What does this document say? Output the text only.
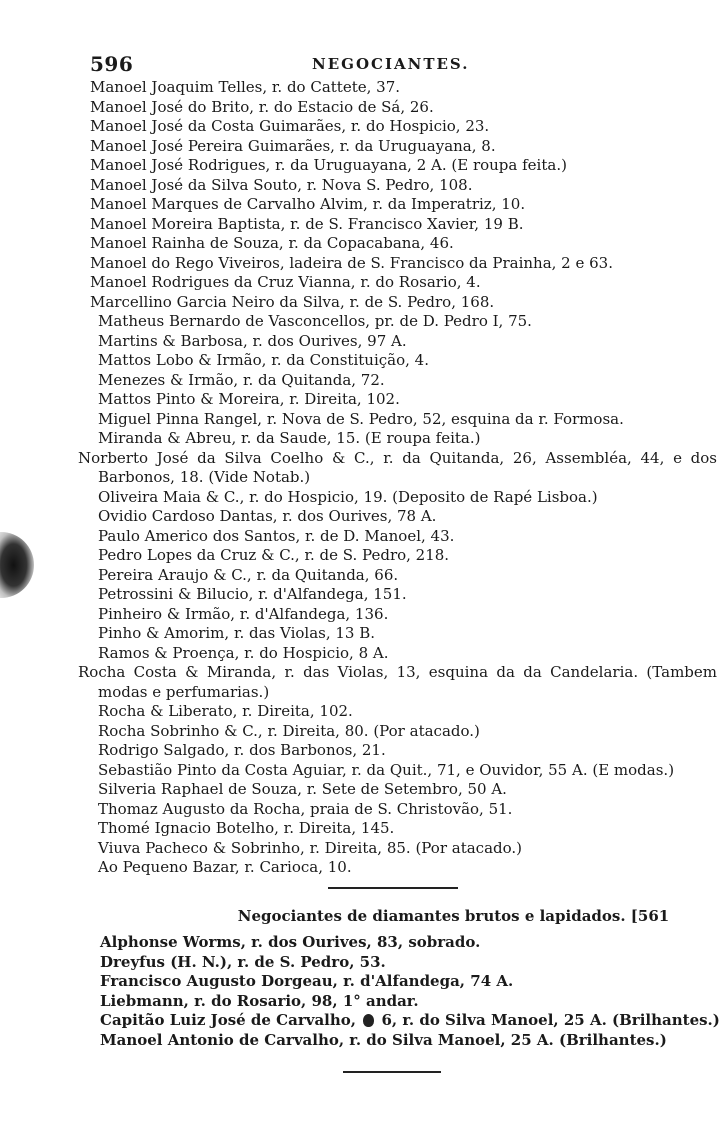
596	NEGOCIANTES.
Manoel Joaquim Telles, r. do Cattete, 37.
Manoel José do Brito, r. do Estacio de Sá, 26.
Manoel José da Costa Guimarães, r. do Hospicio, 23.
Manoel José Pereira Guimarães, r. da Uruguayana, 8.
Manoel José Rodrigues, r. da Uruguayana, 2 A. (E roupa feita.)
Manoel José da Silva Souto, r. Nova S. Pedro, 108.
Manoel Marques de Carvalho Alvim, r. da Imperatriz, 10.
Manoel Moreira Baptista, r. de S. Francisco Xavier, 19 B.
Manoel Rainha de Souza, r. da Copacabana, 46.
Manoel do Rego Viveiros, ladeira de S. Francisco da Prainha, 2 e 63.
Manoel Rodrigues da Cruz Vianna, r. do Rosario, 4.
Marcellino Garcia Neiro da Silva, r. de S. Pedro, 168.
Matheus Bernardo de Vasconcellos, pr. de D. Pedro I, 75.
Martins & Barbosa, r. dos Ourives, 97 A.
Mattos Lobo & Irmão, r. da Constituição, 4.
Menezes & Irmão, r. da Quitanda, 72.
Mattos Pinto & Moreira, r. Direita, 102.
Miguel Pinna Rangel, r. Nova de S. Pedro, 52, esquina da r. Formosa.
Miranda & Abreu, r. da Saude, 15. (E roupa feita.)
Norberto José da Silva Coelho & C., r. da Quitanda, 26, Assembléa, 44, e dos Barbonos, 18. (Vide Notab.)
Oliveira Maia & C., r. do Hospicio, 19. (Deposito de Rapé Lisboa.)
Ovidio Cardoso Dantas, r. dos Ourives, 78 A.
Paulo Americo dos Santos, r. de D. Manoel, 43.
Pedro Lopes da Cruz & C., r. de S. Pedro, 218.
Pereira Araujo & C., r. da Quitanda, 66.
Petrossini & Bilucio, r. d'Alfandega, 151.
Pinheiro & Irmão, r. d'Alfandega, 136.
Pinho & Amorim, r. das Violas, 13 B.
Ramos & Proença, r. do Hospicio, 8 A.
Rocha Costa & Miranda, r. das Violas, 13, esquina da da Candelaria. (Tambem modas e perfumarias.)
Rocha & Liberato, r. Direita, 102.
Rocha Sobrinho & C., r. Direita, 80. (Por atacado.)
Rodrigo Salgado, r. dos Barbonos, 21.
Sebastião Pinto da Costa Aguiar, r. da Quit., 71, e Ouvidor, 55 A. (E modas.)
Silveria Raphael de Souza, r. Sete de Setembro, 50 A.
Thomaz Augusto da Rocha, praia de S. Christovão, 51.
Thomé Ignacio Botelho, r. Direita, 145.
Viuva Pacheco & Sobrinho, r. Direita, 85. (Por atacado.)
Ao Pequeno Bazar, r. Carioca, 10.
Negociantes de diamantes brutos e lapidados. [561
Alphonse Worms, r. dos Ourives, 83, sobrado.
Dreyfus (H. N.), r. de S. Pedro, 53.
Francisco Augusto Dorgeau, r. d'Alfandega, 74 A.
Liebmann, r. do Rosario, 98, 1° andar.
Capitão Luiz José de Carvalho, 6, r. do Silva Manoel, 25 A. (Brilhantes.)
Manoel Antonio de Carvalho, r. do Silva Manoel, 25 A. (Brilhantes.)
